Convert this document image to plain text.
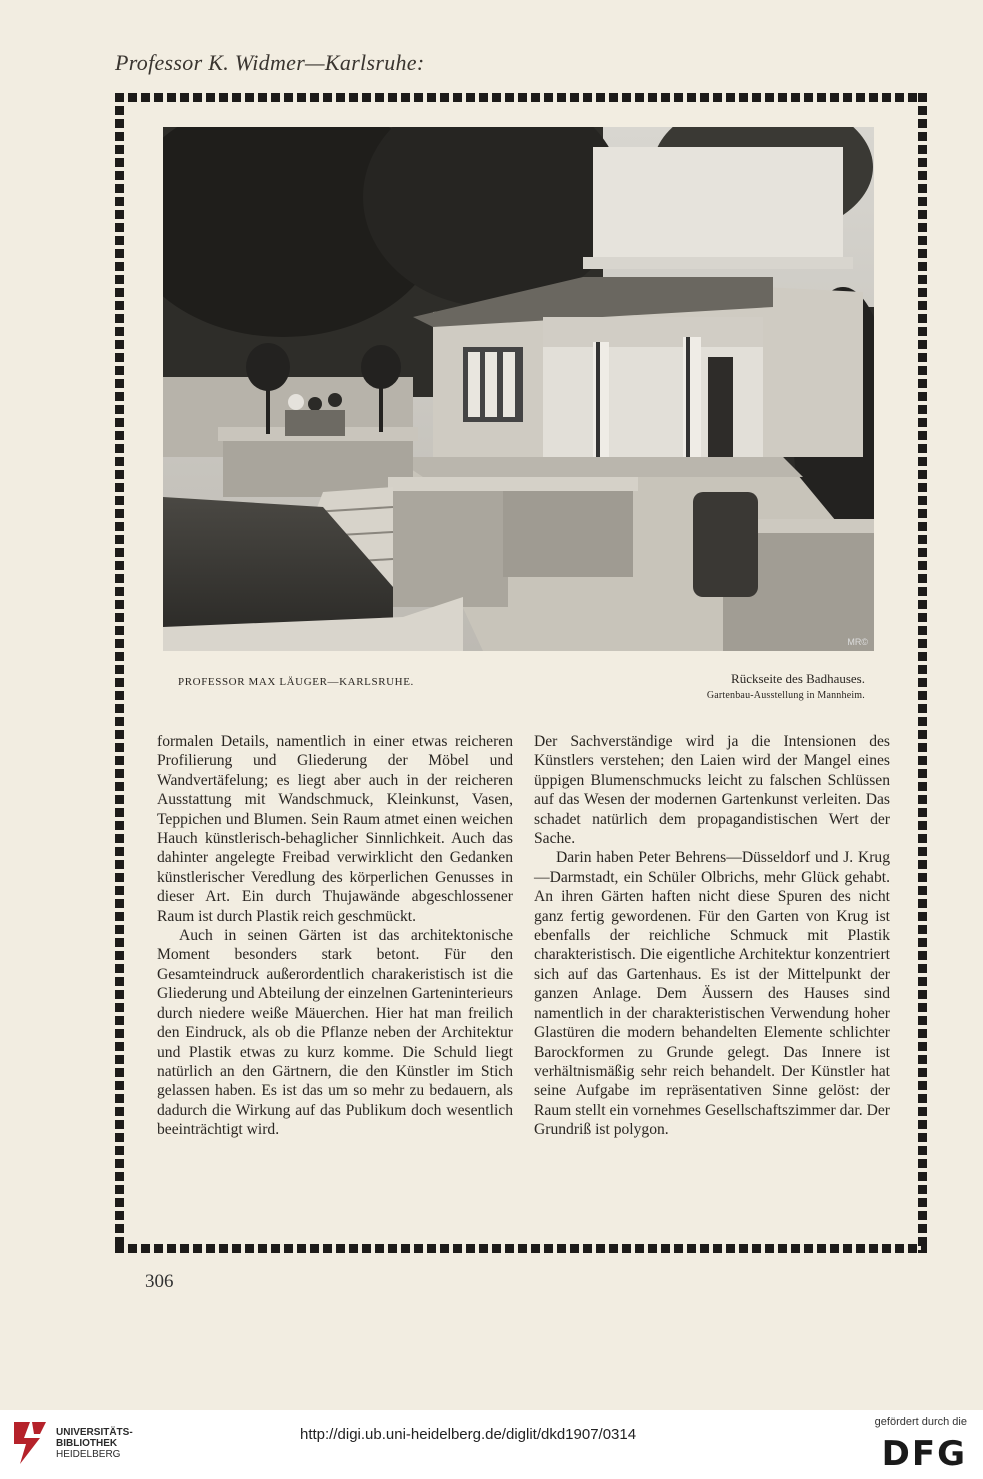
Professor K. Widmer—Karlsruhe:
MR©
PROFESSOR MAX LÄUGER—KARLSRUHE.	Rückseite des Badhauses.
Gartenbau-Ausstellung in Mannheim.

formalen Details, namentlich in einer etwas reicheren Profilierung und Gliederung der Möbel und Wandvertäfelung; es liegt aber auch in der reicheren Ausstattung mit Wandschmuck, Kleinkunst, Vasen, Teppichen und Blumen. Sein Raum atmet einen weichen Hauch künstlerisch-behaglicher Sinnlichkeit. Auch das dahinter angelegte Freibad verwirklicht den Gedanken künstlerischer Veredlung des körperlichen Genusses in dieser Art. Ein durch Thujawände abgeschlossener Raum ist durch Plastik reich geschmückt.

Auch in seinen Gärten ist das architektonische Moment besonders stark betont. Für den Gesamteindruck außerordentlich charakeristisch ist die Gliederung und Abteilung der einzelnen Garteninterieurs durch niedere weiße Mäuerchen. Hier hat man freilich den Eindruck, als ob die Pflanze neben der Architektur und Plastik etwas zu kurz komme. Die Schuld liegt natürlich an den Gärtnern, die den Künstler im Stich gelassen haben. Es ist das um so mehr zu bedauern, als dadurch die Wirkung auf das Publikum doch wesentlich beeinträchtigt wird.

Der Sachverständige wird ja die Intensionen des Künstlers verstehen; den Laien wird der Mangel eines üppigen Blumenschmucks leicht zu falschen Schlüssen auf das Wesen der modernen Gartenkunst verleiten. Das schadet natürlich dem propagandistischen Wert der Sache.

Darin haben Peter Behrens—Düsseldorf und J. Krug—Darmstadt, ein Schüler Olbrichs, mehr Glück gehabt. An ihren Gärten haften nicht diese Spuren des nicht ganz fertig gewordenen. Für den Garten von Krug ist ebenfalls der reichliche Schmuck mit Plastik charakteristisch. Die eigentliche Architektur konzentriert sich auf das Gartenhaus. Es ist der Mittelpunkt der ganzen Anlage. Dem Äussern des Hauses sind namentlich in der charakteristischen Verwendung hoher Glastüren die modern behandelten Elemente schlichter Barockformen zu Grunde gelegt. Das Innere ist verhältnismäßig sehr reich behandelt. Der Künstler hat seine Aufgabe im repräsentativen Sinne gelöst: der Raum stellt ein vornehmes Gesellschaftszimmer dar. Der Grundriß ist polygon.

306
UNIVERSITÄTS-
BIBLIOTHEK
HEIDELBERG
http://digi.ub.uni-heidelberg.de/diglit/dkd1907/0314
gefördert durch die
DFG
